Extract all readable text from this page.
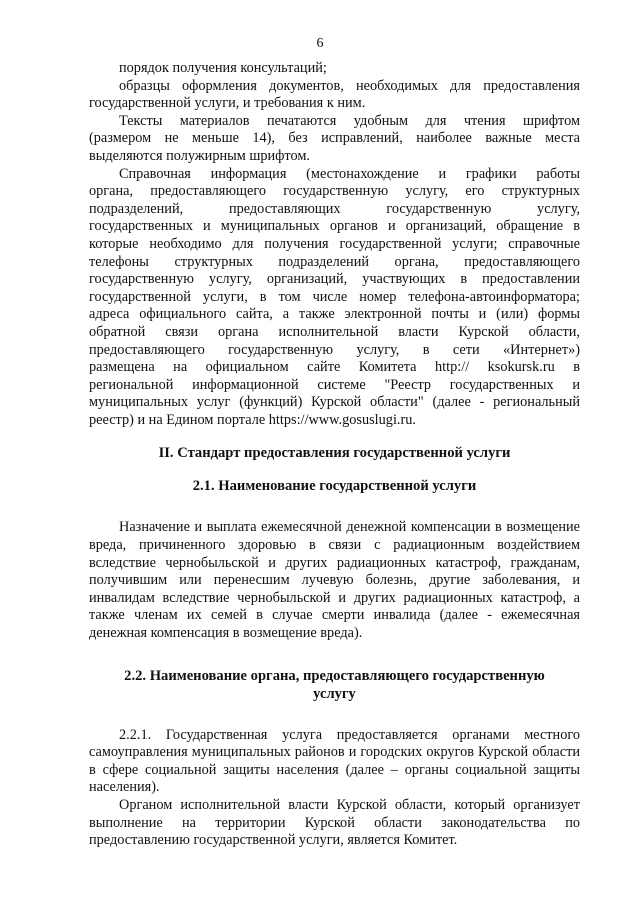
6

порядок получения консультаций;

образцы оформления документов, необходимых для предоставления государственной услуги, и требования к ним.

Тексты материалов печатаются удобным для чтения шрифтом
(размером не меньше 14), без исправлений, наиболее важные места
выделяются полужирным шрифтом.
Справочная информация (местонахождение и графики работы
органа, предоставляющего государственную услугу, его структурных
подразделений, предоставляющих государственную услугу,
государственных и муниципальных органов и организаций, обращение в
которые необходимо для получения государственной услуги; справочные
телефоны структурных подразделений органа, предоставляющего
государственную услугу, организаций, участвующих в предоставлении
государственной услуги, в том числе номер телефона-автоинформатора;
адреса официального сайта, а также электронной почты и (или) формы
обратной связи органа исполнительной власти Курской области,
предоставляющего государственную услугу, в сети «Интернет»)
размещена на официальном сайте Комитета http:// ksokursk.ru в
региональной информационной системе "Реестр государственных и
муниципальных услуг (функций) Курской области" (далее - региональный
реестр) и на Едином портале https://www.gosuslugi.ru.
II. Стандарт предоставления государственной услуги
2.1. Наименование государственной услуги

Назначение и выплата ежемесячной денежной компенсации в возмещение вреда, причиненного здоровью в связи с радиационным воздействием вследствие чернобыльской и других радиационных катастроф, гражданам, получившим или перенесшим лучевую болезнь, другие заболевания, и инвалидам вследствие чернобыльской и других радиационных катастроф, а также членам их семей в случае смерти инвалида (далее - ежемесячная денежная компенсация в возмещение вреда).

2.2. Наименование органа, предоставляющего государственную
услугу

2.2.1. Государственная услуга предоставляется органами местного самоуправления муниципальных районов и городских округов Курской области в сфере социальной защиты населения (далее – органы социальной защиты населения).

Органом исполнительной власти Курской области, который организует выполнение на территории Курской области законодательства по предоставлению государственной услуги, является Комитет.
